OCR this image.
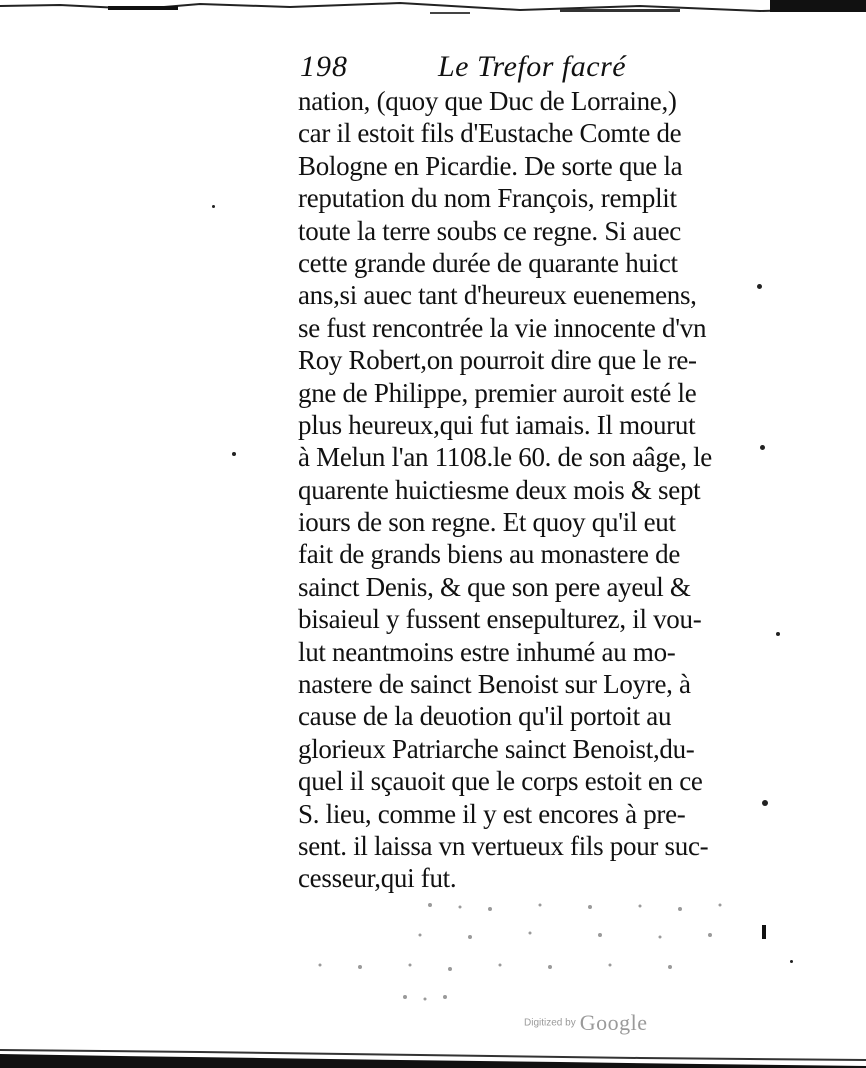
198	Le Trefor facré
nation, (quoy que Duc de Lorraine,)
car il estoit fils d'Eustache Comte de
Bologne en Picardie. De sorte que la
reputation du nom François, remplit
toute la terre soubs ce regne. Si auec
cette grande durée de quarante huict
ans,si auec tant d'heureux euenemens,
se fust rencontrée la vie innocente d'vn
Roy Robert,on pourroit dire que le re-
gne de Philippe, premier auroit esté le
plus heureux,qui fut iamais. Il mourut
à Melun l'an 1108.le 60. de son aâge, le
quarente huictiesme deux mois & sept
iours de son regne. Et quoy qu'il eut
fait de grands biens au monastere de
sainct Denis, & que son pere ayeul &
bisaieul y fussent ensepulturez, il vou-
lut neantmoins estre inhumé au mo-
nastere de sainct Benoist sur Loyre, à
cause de la deuotion qu'il portoit au
glorieux Patriarche sainct Benoist,du-
quel il sçauoit que le corps estoit en ce
S. lieu, comme il y est encores à pre-
sent. il laissa vn vertueux fils pour suc-
cesseur,qui fut.
Digitized by Google
